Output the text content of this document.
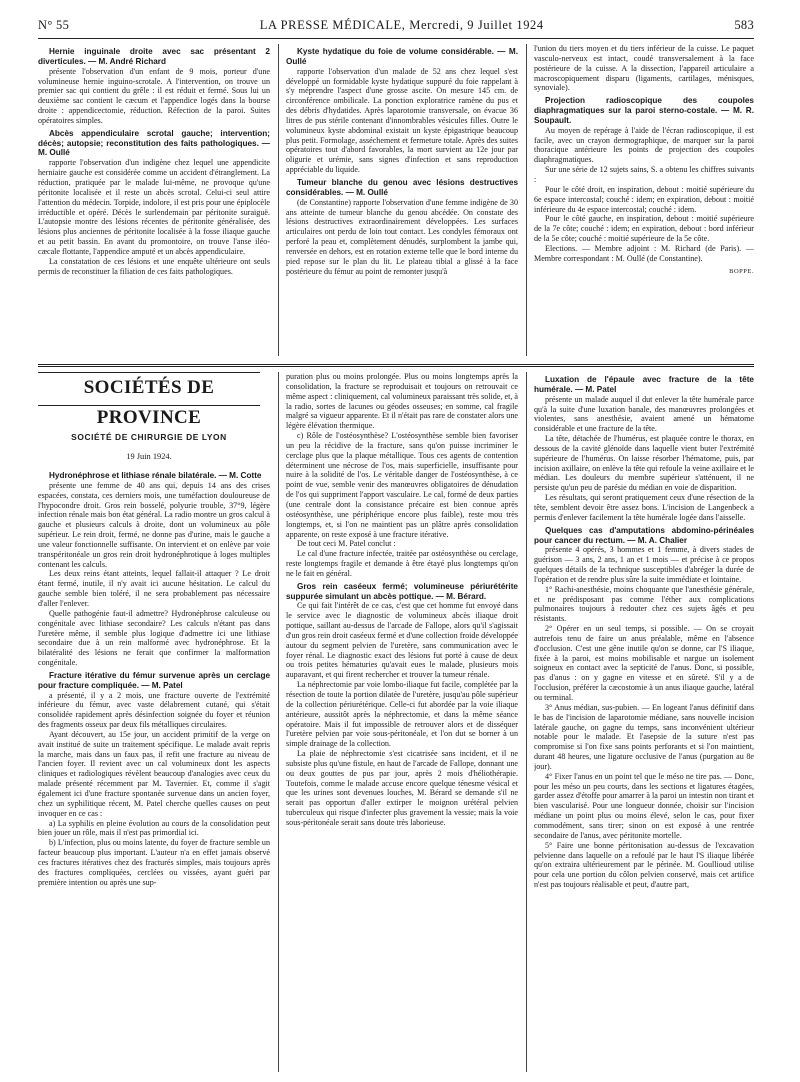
N° 55	LA PRESSE MÉDICALE, Mercredi, 9 Juillet 1924	583
Hernie inguinale droite avec sac présentant 2 diverticules. — M. André Richard

présente l'observation d'un enfant de 9 mois, porteur d'une volumineuse hernie inguino-scrotale. A l'intervention, on trouve un premier sac qui contient du grêle : il est réduit et fermé. Sous lui un deuxième sac contient le cæcum et l'appendice logés dans la bourse droite : appendicectomie, réduction. Réfection de la paroi. Suites opératoires simples.

Abcès appendiculaire scrotal gauche; intervention; décès; autopsie; reconstitution des faits pathologiques. — M. Oullé

rapporte l'observation d'un indigène chez lequel une appendicite herniaire gauche est considérée comme un accident d'étranglement. La réduction, pratiquée par le malade lui-même, ne provoque qu'une péritonite localisée et il reste un abcès scrotal. Celui-ci seul attire l'attention du médecin. Torpide, indolore, il est pris pour une épiplocèle irréductible et opéré. Décès le surlendemain par péritonite suraiguë. L'autopsie montre des lésions récentes de péritonite généralisée, des lésions plus anciennes de péritonite localisée à la fosse iliaque gauche et au petit bassin. En avant du promontoire, on trouve l'anse iléo-cæcale flottante, l'appendice amputé et un abcès appendiculaire.

La constatation de ces lésions et une enquête ultérieure ont seuls permis de reconstituer la filiation de ces faits pathologiques.

Kyste hydatique du foie de volume considérable. — M. Oullé

rapporte l'observation d'un malade de 52 ans chez lequel s'est développé un formidable kyste hydatique suppuré du foie rappelant à s'y méprendre l'aspect d'une grosse ascite. On mesure 145 cm. de circonférence ombilicale. La ponction exploratrice ramène du pus et des débris d'hydatides. Après laparotomie transversale, on évacue 36 litres de pus stérile contenant d'innombrables vésicules filles. Outre le volumineux kyste abdominal existait un kyste épigastrique beaucoup plus petit. Formolage, asséchement et fermeture totale. Après des suites opératoires tout d'abord favorables, la mort survient au 12e jour par oligurie et urémie, sans signes d'infection et sans reproduction appréciable du liquide.

Tumeur blanche du genou avec lésions destructives considérables. — M. Oullé

(de Constantine) rapporte l'observation d'une femme indigène de 30 ans atteinte de tumeur blanche du genou abcédée. On constate des lésions destructives extraordinairement développées. Les surfaces articulaires ont perdu de loin tout contact. Les condyles fémoraux ont perforé la peau et, complètement dénudés, surplombent la jambe qui, renversée en dehors, est en rotation externe telle que le bord interne du pied repose sur le plan du lit. Le plateau tibial a glissé à la face postérieure du fémur au point de remonter jusqu'à

l'union du tiers moyen et du tiers inférieur de la cuisse. Le paquet vasculo-nerveux est intact, coudé transversalement à la face postérieure de la cuisse. A la dissection, l'appareil articulaire a macroscopiquement disparu (ligaments, cartilages, ménisques, synoviale).

Projection radioscopique des coupoles diaphragmatiques sur la paroi sterno-costale. — M. R. Soupault.

Au moyen de repérage à l'aide de l'écran radioscopique, il est facile, avec un crayon dermographique, de marquer sur la paroi thoracique antérieure les points de projection des coupoles diaphragmatiques.

Sur une série de 12 sujets sains, S. a obtenu les chiffres suivants :

Pour le côté droit, en inspiration, debout : moitié supérieure du 6e espace intercostal; couché : idem; en expiration, debout : moitié inférieure du 4e espace intercostal; couché : idem.

Pour le côté gauche, en inspiration, debout : moitié supérieure de la 7e côte; couché : idem; en expiration, debout : bord inférieur de la 5e côte; couché : moitié supérieure de la 5e côte.

Elections. — Membre adjoint : M. Richard (de Paris). — Membre correspondant : M. Oullé (de Constantine).

BOPPE.

SOCIÉTÉS DE PROVINCE
SOCIÉTÉ DE CHIRURGIE DE LYON
19 Juin 1924.
Hydronéphrose et lithiase rénale bilatérale. — M. Cotte

présente une femme de 40 ans qui, depuis 14 ans des crises espacées, constata, ces derniers mois, une tuméfaction douloureuse de l'hypocondre droit. Gros rein bosselé, polyurie trouble, 37°9, légère infection rénale mais bon état général. La radio montre un gros calcul à gauche et plusieurs calculs à droite, dont un volumineux au pôle supérieur. Le rein droit, fermé, ne donne pas d'urine, mais le gauche a une valeur fonctionnelle suffisante. On intervient et on enlève par voie transpéritonéale un gros rein droit hydronéphrotique à loges multiples contenant les calculs.

Les deux reins étant atteints, lequel fallait-il attaquer ? Le droit étant fermé, inutile, il n'y avait ici aucune hésitation. Le calcul du gauche semble bien toléré, il ne sera probablement pas nécessaire d'aller l'enlever.

Quelle pathogénie faut-il admettre? Hydronéphrose calculeuse ou congénitale avec lithiase secondaire? Les calculs n'étant pas dans l'uretère même, il semble plus logique d'admettre ici une lithiase secondaire due à un rein malformé avec hydronéphrose. Et la bilatéralité des lésions ne ferait que confirmer la malformation congénitale.

Fracture itérative du fémur survenue après un cerclage pour fracture compliquée. — M. Patel

a présenté, il y a 2 mois, une fracture ouverte de l'extrémité inférieure du fémur, avec vaste délabrement cutané, qui s'était consolidée rapidement après désinfection soignée du foyer et réunion des fragments osseux par deux fils métalliques circulaires.

Ayant découvert, au 15e jour, un accident primitif de la verge on avait institué de suite un traitement spécifique. Le malade avait repris la marche, mais dans un faux pas, il refit une fracture au niveau de l'ancien foyer. Il revient avec un cal volumineux dont les aspects cliniques et radiologiques révèlent beaucoup d'analogies avec ceux du malade présenté récemment par M. Tavernier. Et, comme il s'agit également ici d'une fracture spontanée survenue dans un ancien foyer, chez un syphilitique récent, M. Patel cherche quelles causes on peut invoquer en ce cas :

a) La syphilis en pleine évolution au cours de la consolidation peut bien jouer un rôle, mais il n'est pas primordial ici.

b) L'infection, plus ou moins latente, du foyer de fracture semble un facteur beaucoup plus important. L'auteur n'a en effet jamais observé ces fractures itératives chez des fracturés simples, mais toujours après des fractures compliquées, cerclées ou vissées, ayant guéri par première intention ou après une sup-

puration plus ou moins prolongée. Plus ou moins longtemps après la consolidation, la fracture se reproduisait et toujours on retrouvait ce même aspect : cliniquement, cal volumineux paraissant très solide, et, à la radio, sortes de lacunes ou géodes osseuses; en somme, cal fragile malgré sa vigueur apparente. Et il n'était pas rare de constater alors une légère élévation thermique.

c) Rôle de l'ostéosynthèse? L'ostéosynthèse semble bien favoriser un peu la récidive de la fracture, sans qu'on puisse incriminer le cerclage plus que la plaque métallique. Tous ces agents de contention déterminent une nécrose de l'os, mais superficielle, insuffisante pour nuire à la solidité de l'os. Le véritable danger de l'ostéosynthèse, à ce point de vue, semble venir des manœuvres obligatoires de dénudation de l'os qui suppriment l'apport vasculaire. Le cal, formé de deux parties (une centrale dont la consistance précaire est bien connue après ostéosynthèse, une périphérique encore plus faible), reste mou très longtemps, et, si l'on ne maintient pas un plâtre après consolidation apparente, on reste exposé à une fracture itérative.

De tout ceci M. Patel conclut :

Le cal d'une fracture infectée, traitée par ostéosynthèse ou cerclage, reste longtemps fragile et demande à être étayé plus longtemps qu'on ne le fait en général.

Gros rein caséeux fermé; volumineuse périurétérite suppurée simulant un abcès pottique. — M. Bérard.

Ce qui fait l'intérêt de ce cas, c'est que cet homme fut envoyé dans le service avec le diagnostic de volumineux abcès iliaque droit pottique, saillant au-dessus de l'arcade de Fallope, alors qu'il s'agissait d'un gros rein droit caséeux fermé et d'une collection froide développée autour du segment pelvien de l'uretère, sans communication avec le foyer rénal. Le diagnostic exact des lésions fut porté à cause de deux ou trois petites hématuries qu'avait eues le malade, plusieurs mois auparavant, et qui firent rechercher et trouver la tumeur rénale.

La néphrectomie par voie lombo-iliaque fut facile, complétée par la résection de toute la portion dilatée de l'uretère, jusqu'au pôle supérieur de la collection périurétérique. Celle-ci fut abordée par la voie iliaque antérieure, aussitôt après la néphrectomie, et dans la même séance opératoire. Mais il fut impossible de retrouver alors et de disséquer l'uretère pelvien par voie sous-péritonéale, et l'on dut se borner à un simple drainage de la collection.

La plaie de néphrectomie s'est cicatrisée sans incident, et il ne subsiste plus qu'une fistule, en haut de l'arcade de Fallope, donnant une ou deux gouttes de pus par jour, après 2 mois d'héliothérapie. Toutefois, comme le malade accuse encore quelque ténesme vésical et que les urines sont devenues louches, M. Bérard se demande s'il ne serait pas opportun d'aller extirper le moignon urétéral pelvien tuberculeux qui risque d'infecter plus gravement la vessie; mais la voie sous-péritonéale serait sans doute très laborieuse.

Luxation de l'épaule avec fracture de la tête humérale. — M. Patel

présente un malade auquel il dut enlever la tête humérale parce qu'à la suite d'une luxation banale, des manœuvres prolongées et violentes, sans anesthésie, avaient amené un hématome considérable et une fracture de la tête.

La tête, détachée de l'humérus, est plaquée contre le thorax, en dessous de la cavité glénoïde dans laquelle vient buter l'extrémité supérieure de l'humérus. On laisse résorber l'hématome, puis, par incision axillaire, on enlève la tête qui refoule la veine axillaire et le médian. Les douleurs du membre supérieur s'atténuent, il ne persiste qu'un peu de parésie du médian en voie de disparition.

Les résultats, qui seront pratiquement ceux d'une résection de la tête, semblent devoir être assez bons. L'incision de Langenbeck a permis d'enlever facilement la tête humérale logée dans l'aisselle.

Quelques cas d'amputations abdomino-périnéales pour cancer du rectum. — M. A. Chalier

présente 4 opérés, 3 hommes et 1 femme, à divers stades de guérison — 3 ans, 2 ans, 1 an et 1 mois — et précise à ce propos quelques détails de la technique susceptibles d'abréger la durée de l'opération et de rendre plus sûre la suite immédiate et lointaine.

1° Rachi-anesthésie, moins choquante que l'anesthésie générale, et ne prédisposant pas comme l'éther aux complications pulmonaires toujours à redouter chez ces sujets âgés et peu résistants.

2° Opérer en un seul temps, si possible. — On se croyait autrefois tenu de faire un anus préalable, même en l'absence d'occlusion. C'est une gêne inutile qu'on se donne, car l'S iliaque, fixée à la paroi, est moins mobilisable et nargue un isolement soigneux en contact avec la septicité de l'anus. Donc, si possible, pas d'anus : on y gagne en vitesse et en sûreté. S'il y a de l'occlusion, préférer la cæcostomie à un anus iliaque gauche, latéral ou terminal.

3° Anus médian, sus-pubien. — En logeant l'anus définitif dans le bas de l'incision de laparotomie médiane, sans nouvelle incision latérale gauche, on gagne du temps, sans inconvénient ultérieur notable pour le malade. Et l'asepsie de la suture n'est pas compromise si l'on fixe sans points perforants et si l'on maintient, durant 48 heures, une ligature occlusive de l'anus (purgation au 8e jour).

4° Fixer l'anus en un point tel que le méso ne tire pas. — Donc, pour les méso un peu courts, dans les sections et ligatures étagées, garder assez d'étoffe pour amarrer à la paroi un intestin non tirant et bien vascularisé. Pour une longueur donnée, choisir sur l'incision médiane un point plus ou moins élevé, selon le cas, pour fixer commodément, sans tirer; sinon on est exposé à une rentrée secondaire de l'anus, avec péritonite mortelle.

5° Faire une bonne péritonisation au-dessus de l'excavation pelvienne dans laquelle on a refoulé par le haut l'S iliaque libérée qu'on extraira ultérieurement par le périnée. M. Goullioud utilise pour cela une portion du côlon pelvien conservé, mais cet artifice n'est pas toujours réalisable et peut, d'autre part,
